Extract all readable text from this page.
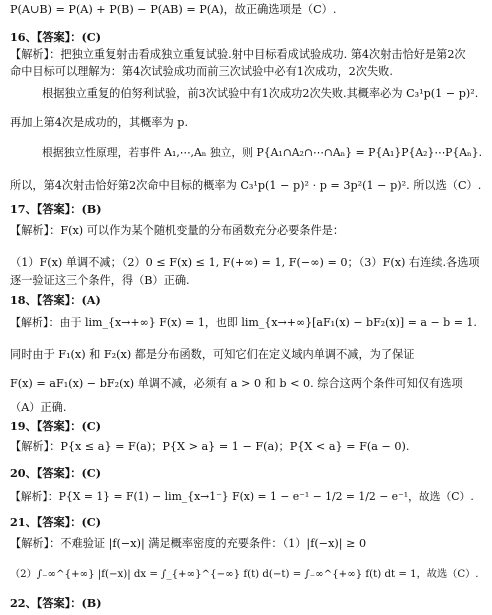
P(A∪B) = P(A) + P(B) − P(AB) = P(A)，故正确选项是（C）.
16、【答案】：(C)
【解析】：把独立重复射击看成独立重复试验.射中目标看成试验成功. 第4次射击恰好是第2次
命中目标可以理解为：第4次试验成功而前三次试验中必有1次成功，2次失败.
根据独立重复的伯努利试验，前3次试验中有1次成功2次失败.其概率必为 C₃¹p(1 − p)².
再加上第4次是成功的，其概率为 p.
根据独立性原理，若事件 A₁,⋯,Aₙ 独立，则 P{A₁∩A₂∩⋯∩Aₙ} = P{A₁}P{A₂}⋯P{Aₙ}.
所以，第4次射击恰好第2次命中目标的概率为 C₃¹p(1 − p)² · p = 3p²(1 − p)². 所以选（C）.
17、【答案】：(B)
【解析】：F(x) 可以作为某个随机变量的分布函数充分必要条件是：
（1）F(x) 单调不减；（2）0 ≤ F(x) ≤ 1, F(+∞) = 1, F(−∞) = 0；（3）F(x) 右连续.各选项
逐一验证这三个条件，得（B）正确.
18、【答案】：(A)
【解析】：由于 lim_{x→+∞} F(x) = 1，也即 lim_{x→+∞}[aF₁(x) − bF₂(x)] = a − b = 1.
同时由于 F₁(x) 和 F₂(x) 都是分布函数，可知它们在定义域内单调不减，为了保证
F(x) = aF₁(x) − bF₂(x) 单调不减，必须有 a > 0 和 b < 0. 综合这两个条件可知仅有选项
（A）正确.
19、【答案】：(C)
【解析】：P{x ≤ a} = F(a)；P{X > a} = 1 − F(a)；P{X < a} = F(a − 0).
20、【答案】：(C)
【解析】：P{X = 1} = F(1) − lim_{x→1⁻} F(x) = 1 − e⁻¹ − 1/2 = 1/2 − e⁻¹，故选（C）.
21、【答案】：(C)
【解析】：不难验证 |f(−x)| 满足概率密度的充要条件：（1）|f(−x)| ≥ 0
（2）∫₋∞^{+∞} |f(−x)| dx = ∫_{+∞}^{−∞} f(t) d(−t) = ∫₋∞^{+∞} f(t) dt = 1，故选（C）.
22、【答案】：(B)
